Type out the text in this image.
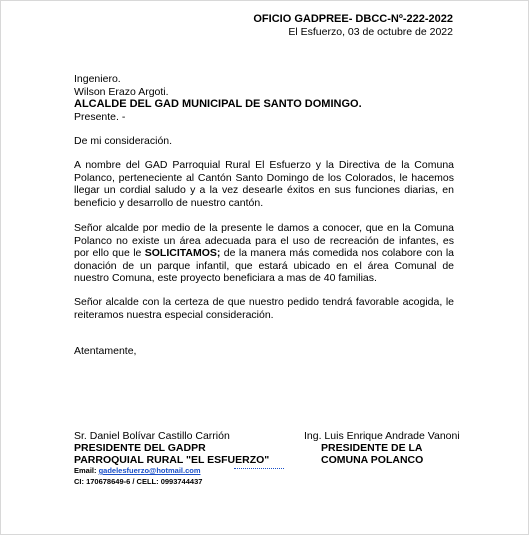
OFICIO GADPREE- DBCC-Nº-222-2022
El Esfuerzo, 03 de octubre de 2022
Ingeniero.
Wilson Erazo Argoti.
ALCALDE DEL GAD MUNICIPAL DE SANTO DOMINGO.
Presente. -
De mi consideración.

A nombre del GAD Parroquial Rural El Esfuerzo y la Directiva de la Comuna Polanco, perteneciente al Cantón Santo Domingo de los Colorados, le hacemos llegar un cordial saludo y a la vez desearle éxitos en sus funciones diarias, en beneficio y desarrollo de nuestro cantón.

Señor alcalde por medio de la presente le damos a conocer, que en la Comuna Polanco no existe un área adecuada para el uso de recreación de infantes, es por ello que le SOLICITAMOS; de la manera más comedida nos colabore con la donación de un parque infantil, que estará ubicado en el área Comunal de nuestro Comuna, este proyecto beneficiara a mas de 40 familias.

Señor alcalde con la certeza de que nuestro pedido tendrá favorable acogida, le reiteramos nuestra especial consideración.

Atentamente,
Sr. Daniel Bolívar Castillo Carrión
PRESIDENTE DEL GADPR
PARROQUIAL RURAL "EL ESFUERZO"
Email: gadelesfuerzo@hotmail.com
CI: 170678649-6 / CELL: 0993744437
Ing. Luis Enrique Andrade Vanoni
PRESIDENTE DE LA
COMUNA POLANCO
